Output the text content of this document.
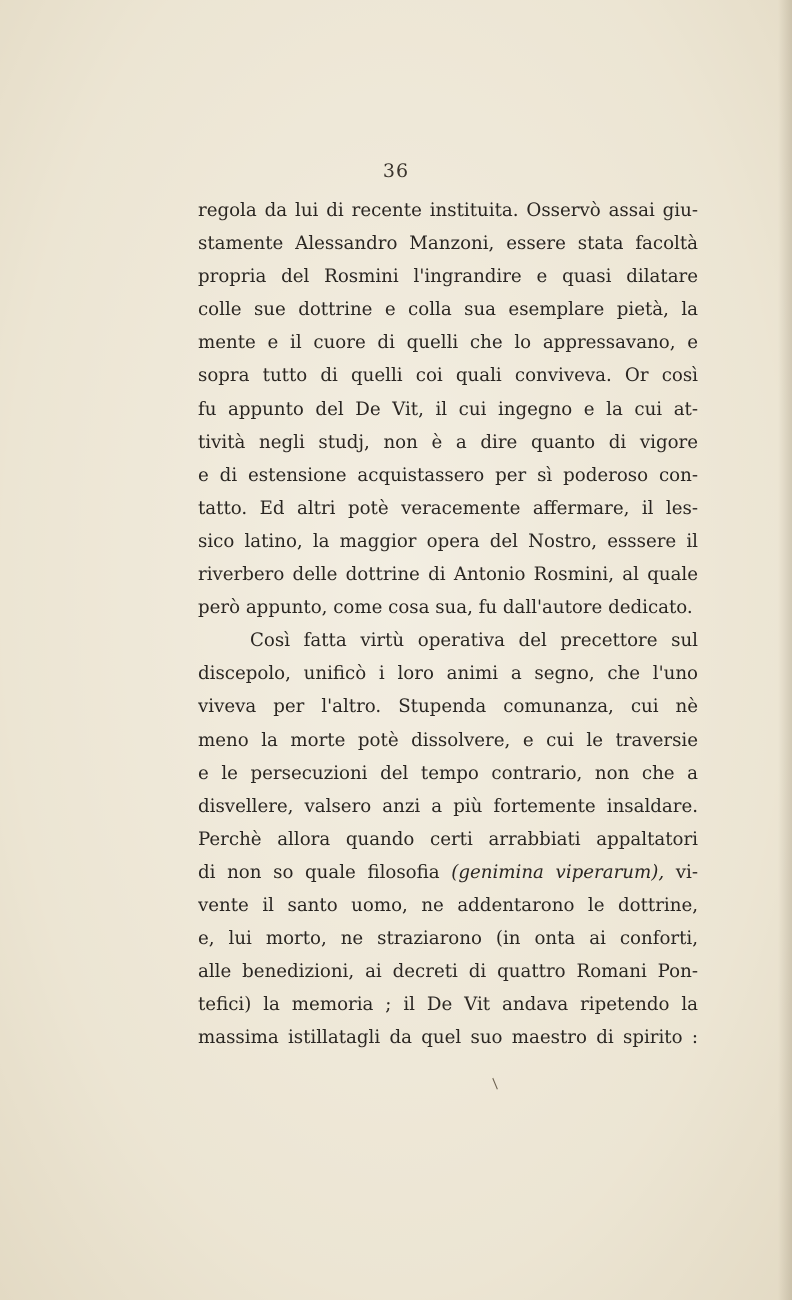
36
regola da lui di recente instituita. Osservò assai giu-
stamente Alessandro Manzoni, essere stata facoltà
propria del Rosmini l'ingrandire e quasi dilatare
colle sue dottrine e colla sua esemplare pietà, la
mente e il cuore di quelli che lo appressavano, e
sopra tutto di quelli coi quali conviveva. Or così
fu appunto del De Vit, il cui ingegno e la cui at-
tività negli studj, non è a dire quanto di vigore
e di estensione acquistassero per sì poderoso con-
tatto. Ed altri potè veracemente affermare, il les-
sico latino, la maggior opera del Nostro, esssere il
riverbero delle dottrine di Antonio Rosmini, al quale
però appunto, come cosa sua, fu dall'autore dedicato.
Così fatta virtù operativa del precettore sul
discepolo, unificò i loro animi a segno, che l'uno
viveva per l'altro. Stupenda comunanza, cui nè
meno la morte potè dissolvere, e cui le traversie
e le persecuzioni del tempo contrario, non che a
disvellere, valsero anzi a più fortemente insaldare.
Perchè allora quando certi arrabbiati appaltatori
di non so quale filosofia (genimina viperarum), vi-
vente il santo uomo, ne addentarono le dottrine,
e, lui morto, ne straziarono (in onta ai conforti,
alle benedizioni, ai decreti di quattro Romani Pon-
tefici) la memoria ; il De Vit andava ripetendo la
massima istillatagli da quel suo maestro di spirito :
/
